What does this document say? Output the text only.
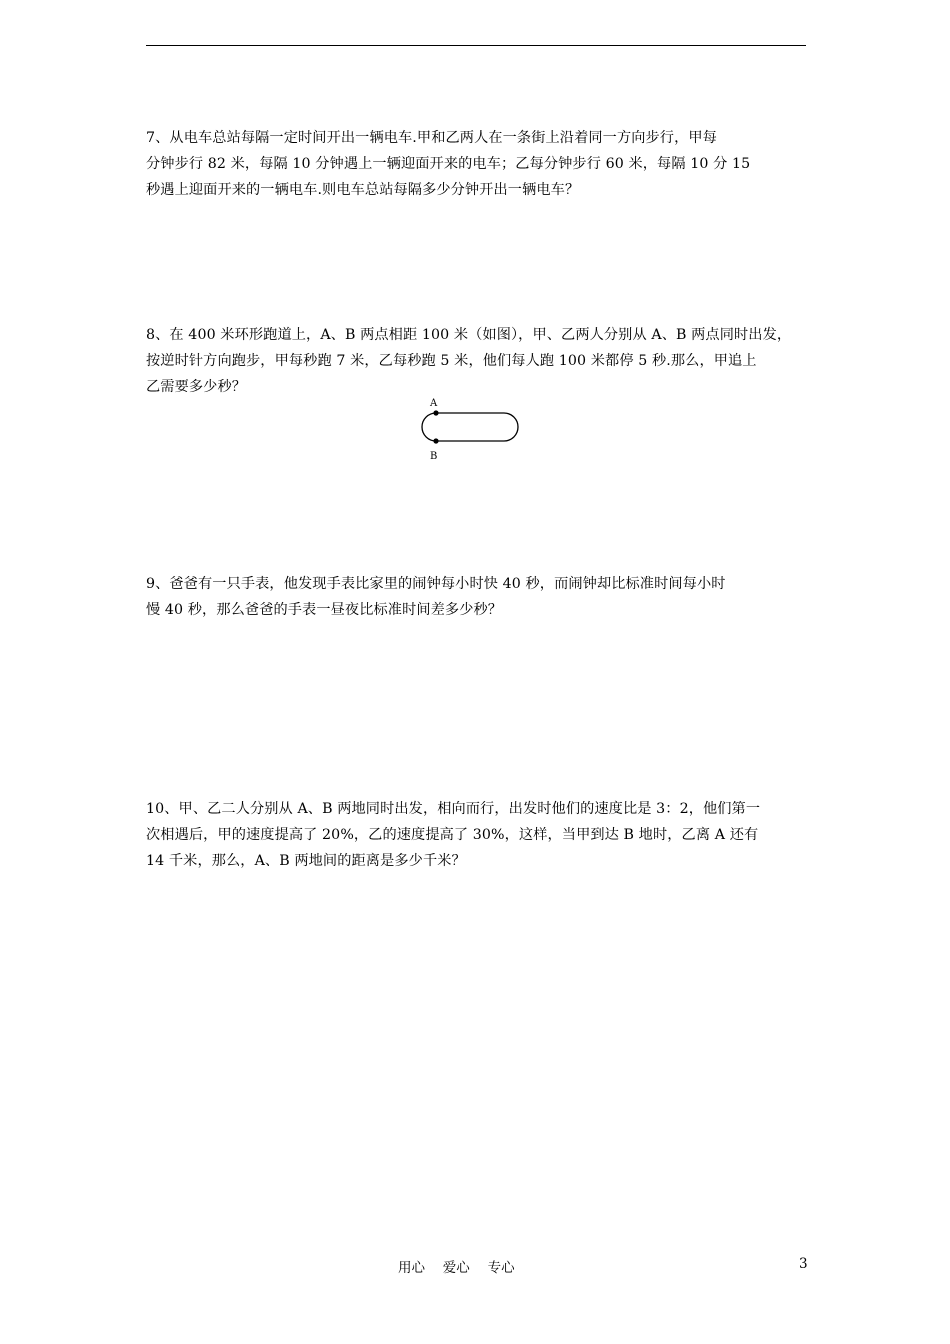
7、从电车总站每隔一定时间开出一辆电车.甲和乙两人在一条街上沿着同一方向步行，甲每
分钟步行 82 米，每隔 10 分钟遇上一辆迎面开来的电车；乙每分钟步行 60 米，每隔 10 分 15
秒遇上迎面开来的一辆电车.则电车总站每隔多少分钟开出一辆电车？
8、在 400 米环形跑道上，A、B 两点相距 100 米（如图），甲、乙两人分别从 A、B 两点同时出发，
按逆时针方向跑步，甲每秒跑 7 米，乙每秒跑 5 米，他们每人跑 100 米都停 5 秒.那么，甲追上
乙需要多少秒？
A
B
9、爸爸有一只手表，他发现手表比家里的闹钟每小时快 40 秒，而闹钟却比标准时间每小时
慢 40 秒，那么爸爸的手表一昼夜比标准时间差多少秒？
10、甲、乙二人分别从 A、B 两地同时出发，相向而行，出发时他们的速度比是 3：2，他们第一
次相遇后，甲的速度提高了 20%，乙的速度提高了 30%，这样，当甲到达 B 地时，乙离 A 还有
14 千米，那么，A、B 两地间的距离是多少千米？
用心　 爱心　 专心	3
